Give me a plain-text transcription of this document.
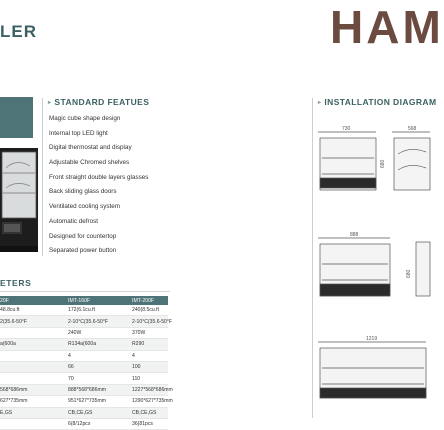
HAM
LER
▸ STANDARD FEATUES
Magic cube shape design
Internal top LED light
Digital thermostat and display
Adjustable Chromed shelves
Front straight double layers glasses
Back sliding glass doors
Ventilated cooling system
Automatic defrost
Designed for countertop
Separated power button
ETERS
20F	IMT-160F	IMT-200F
48.8cu.ft	172(6.1cu.ft	240(8.5cu.ft
2(35.6-50°F	2-10°C(35.6-50°F	2-10°C(35.6-50°F
	240W	370W
a(600a	R134a(600a	R290
	4	4
	66	100
	70	110
568*686mm	888*568*686mm	1227*568*686mm
627*735mm	951*627*735mm	1290*627*735mm
E,GS	CB,CE,GS	CB,CE,GS
	6(8/12pcs	36(81pcs
▸ INSTALLATION DIAGRAM
730	568
680
888
680
1219
